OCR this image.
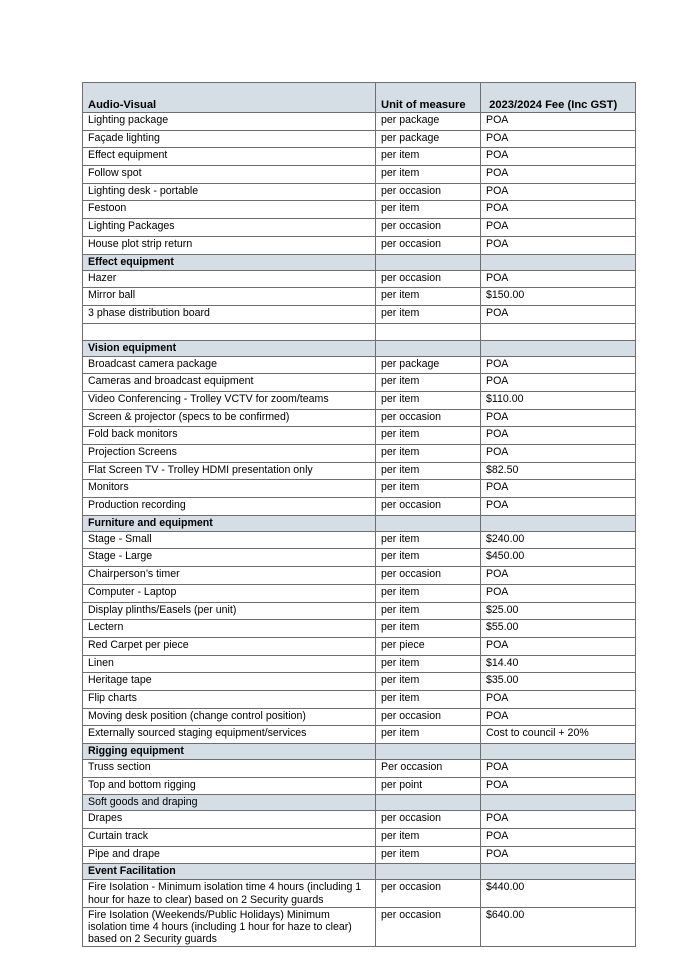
Audio-Visual	Unit of measure	2023/2024 Fee (Inc GST)
Lighting package	per package	POA
Façade lighting	per package	POA
Effect equipment	per item	POA
Follow spot	per item	POA
Lighting desk - portable	per occasion	POA
Festoon	per item	POA
Lighting Packages	per occasion	POA
House plot strip return	per occasion	POA
Effect equipment		
Hazer	per occasion	POA
Mirror ball	per item	$150.00
3 phase distribution board	per item	POA

Vision equipment		
Broadcast camera package	per package	POA
Cameras and broadcast equipment	per item	POA
Video Conferencing - Trolley VCTV for zoom/teams	per item	$110.00
Screen & projector (specs to be confirmed)	per occasion	POA
Fold back monitors	per item	POA
Projection Screens	per item	POA
Flat Screen TV - Trolley HDMI presentation only	per item	$82.50
Monitors	per item	POA
Production recording	per occasion	POA
Furniture and equipment		
Stage - Small	per item	$240.00
Stage - Large	per item	$450.00
Chairperson’s timer	per occasion	POA
Computer - Laptop	per item	POA
Display plinths/Easels (per unit)	per item	$25.00
Lectern	per item	$55.00
Red Carpet per piece	per piece	POA
Linen	per item	$14.40
Heritage tape	per item	$35.00
Flip charts	per item	POA
Moving desk position (change control position)	per occasion	POA
Externally sourced staging equipment/services	per item	Cost to council + 20%
Rigging equipment		
Truss section	Per occasion	POA
Top and bottom rigging	per point	POA
Soft goods and draping		
Drapes	per occasion	POA
Curtain track	per item	POA
Pipe and drape	per item	POA
Event Facilitation		
Fire Isolation - Minimum isolation time 4 hours (including 1 hour for haze to clear) based on 2 Security guards	per occasion	$440.00
Fire Isolation (Weekends/Public Holidays) Minimum isolation time 4 hours (including 1 hour for haze to clear) based on 2 Security guards	per occasion	$640.00
